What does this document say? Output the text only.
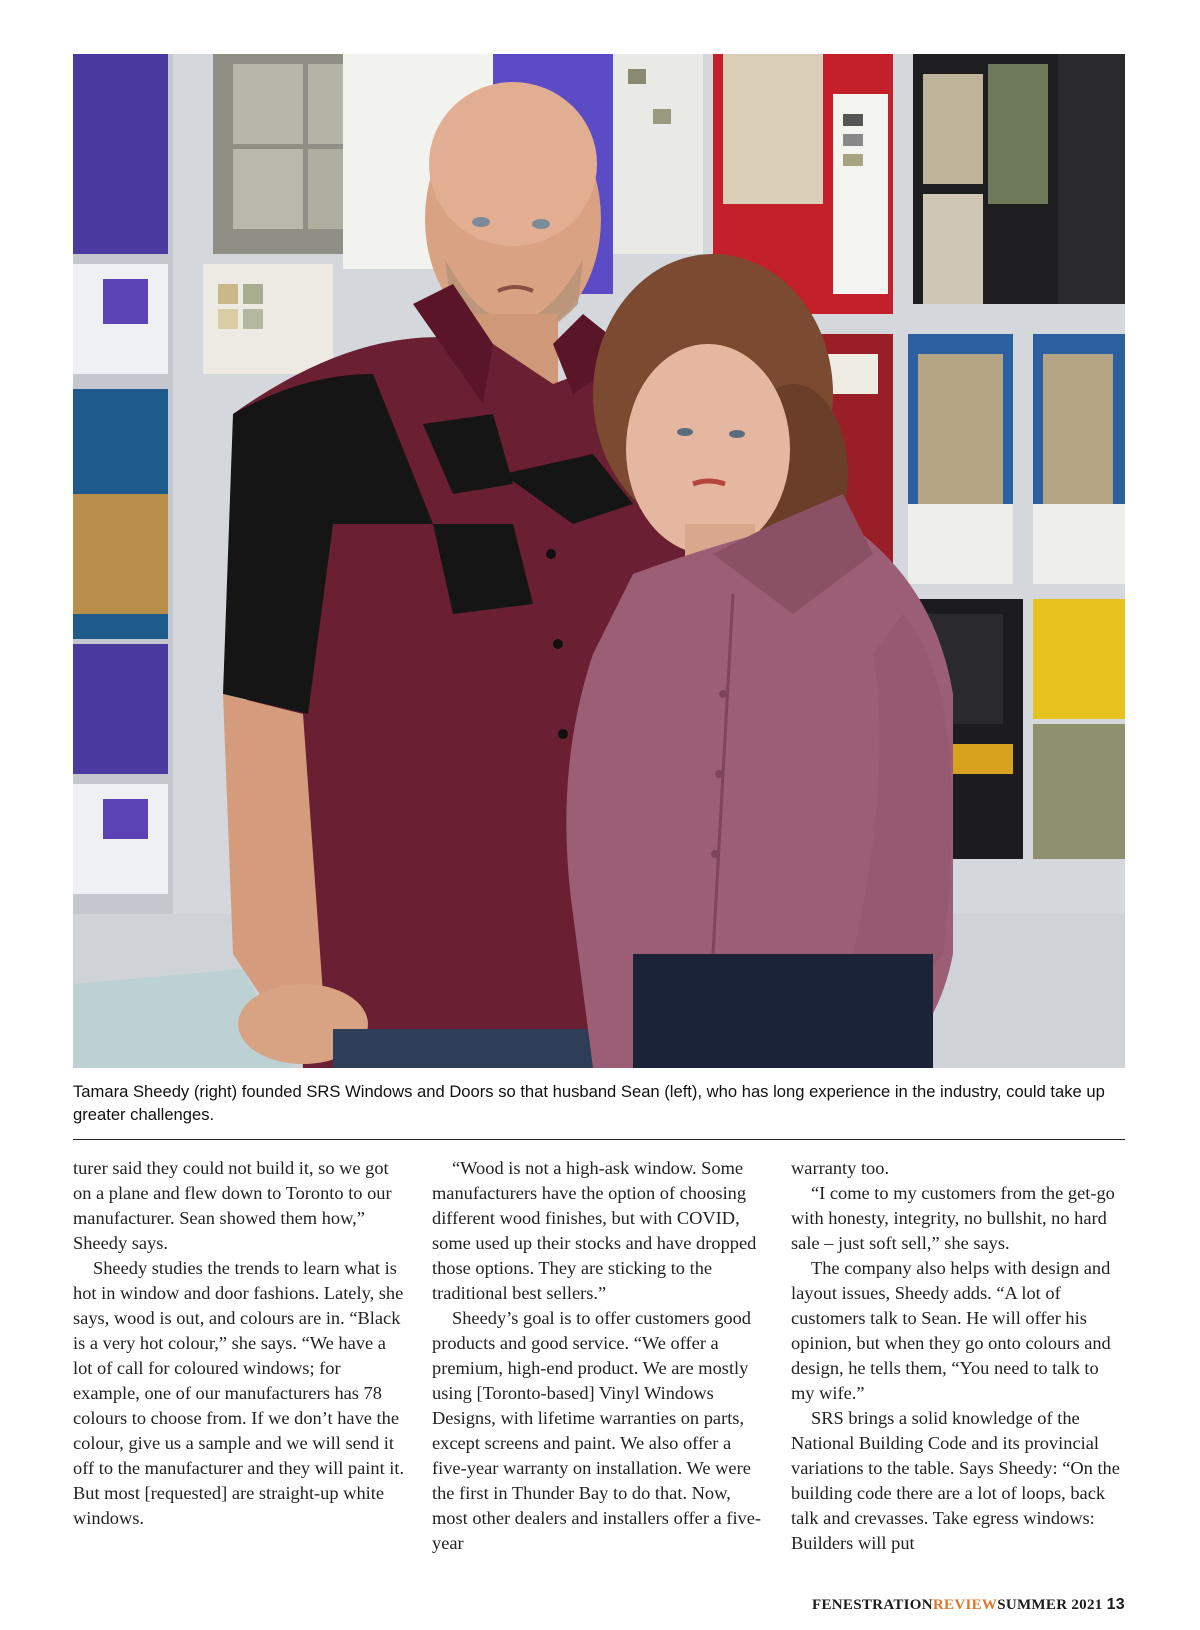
Tamara Sheedy (right) founded SRS Windows and Doors so that husband Sean (left), who has long experience in the industry, could take up greater challenges.

turer said they could not build it, so we got on a plane and flew down to Toronto to our manufacturer. Sean showed them how,” Sheedy says.

Sheedy studies the trends to learn what is hot in window and door fashions. Lately, she says, wood is out, and colours are in. “Black is a very hot colour,” she says. “We have a lot of call for coloured windows; for example, one of our manufacturers has 78 colours to choose from. If we don’t have the colour, give us a sample and we will send it off to the manufacturer and they will paint it. But most [requested] are straight-up white windows.

“Wood is not a high-ask window. Some manufacturers have the option of choosing different wood finishes, but with COVID, some used up their stocks and have dropped those options. They are sticking to the traditional best sellers.”

Sheedy’s goal is to offer customers good products and good service. “We offer a premium, high-end product. We are mostly using [Toronto-based] Vinyl Windows Designs, with lifetime warranties on parts, except screens and paint. We also offer a five-year warranty on installation. We were the first in Thunder Bay to do that. Now, most other dealers and installers offer a five-year

warranty too.

“I come to my customers from the get-go with honesty, integrity, no bullshit, no hard sale – just soft sell,” she says.

The company also helps with design and layout issues, Sheedy adds. “A lot of customers talk to Sean. He will offer his opinion, but when they go onto colours and design, he tells them, “You need to talk to my wife.”

SRS brings a solid knowledge of the National Building Code and its provincial variations to the table. Says Sheedy: “On the building code there are a lot of loops, back talk and crevasses. Take egress windows: Builders will put

FENESTRATIONREVIEWSUMMER 2021 13
